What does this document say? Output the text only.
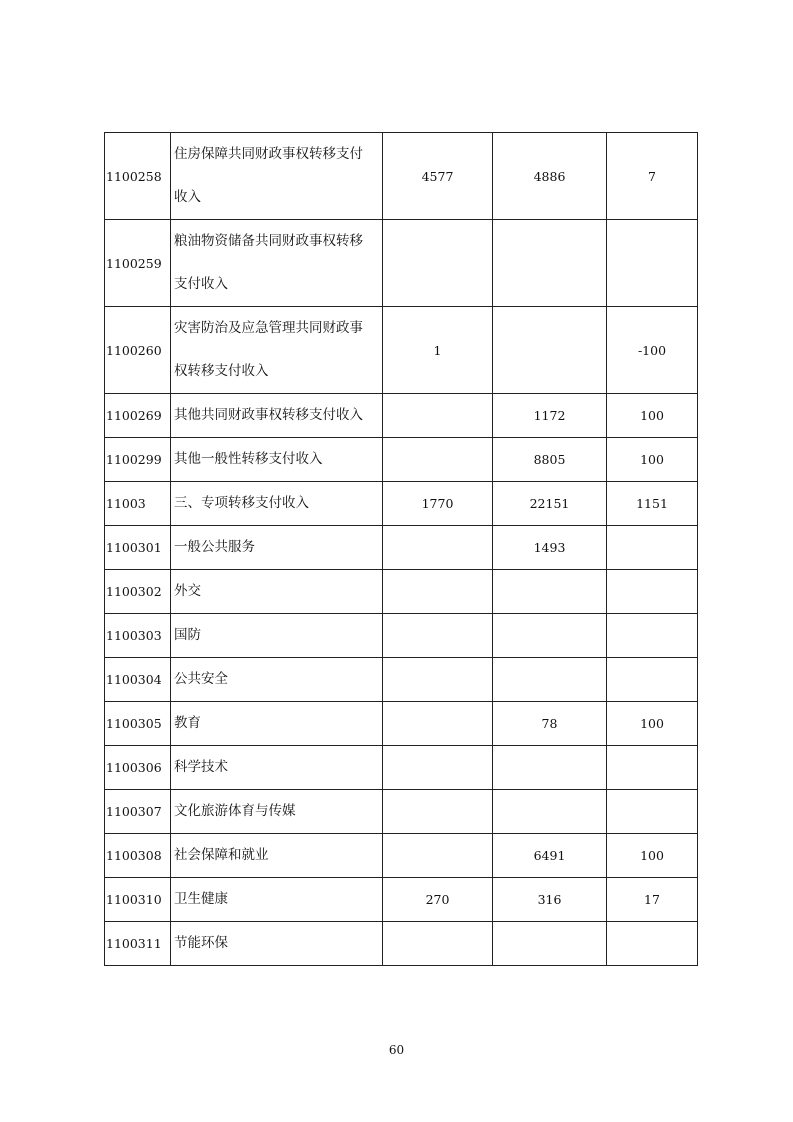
1100258	住房保障共同财政事权转移支付收入	4577	4886	7
1100259	粮油物资储备共同财政事权转移支付收入			
1100260	灾害防治及应急管理共同财政事权转移支付收入	1		-100
1100269	其他共同财政事权转移支付收入		1172	100
1100299	其他一般性转移支付收入		8805	100
11003	三、专项转移支付收入	1770	22151	1151
1100301	一般公共服务		1493	
1100302	外交			
1100303	国防			
1100304	公共安全			
1100305	教育		78	100
1100306	科学技术			
1100307	文化旅游体育与传媒			
1100308	社会保障和就业		6491	100
1100310	卫生健康	270	316	17
1100311	节能环保			
60
